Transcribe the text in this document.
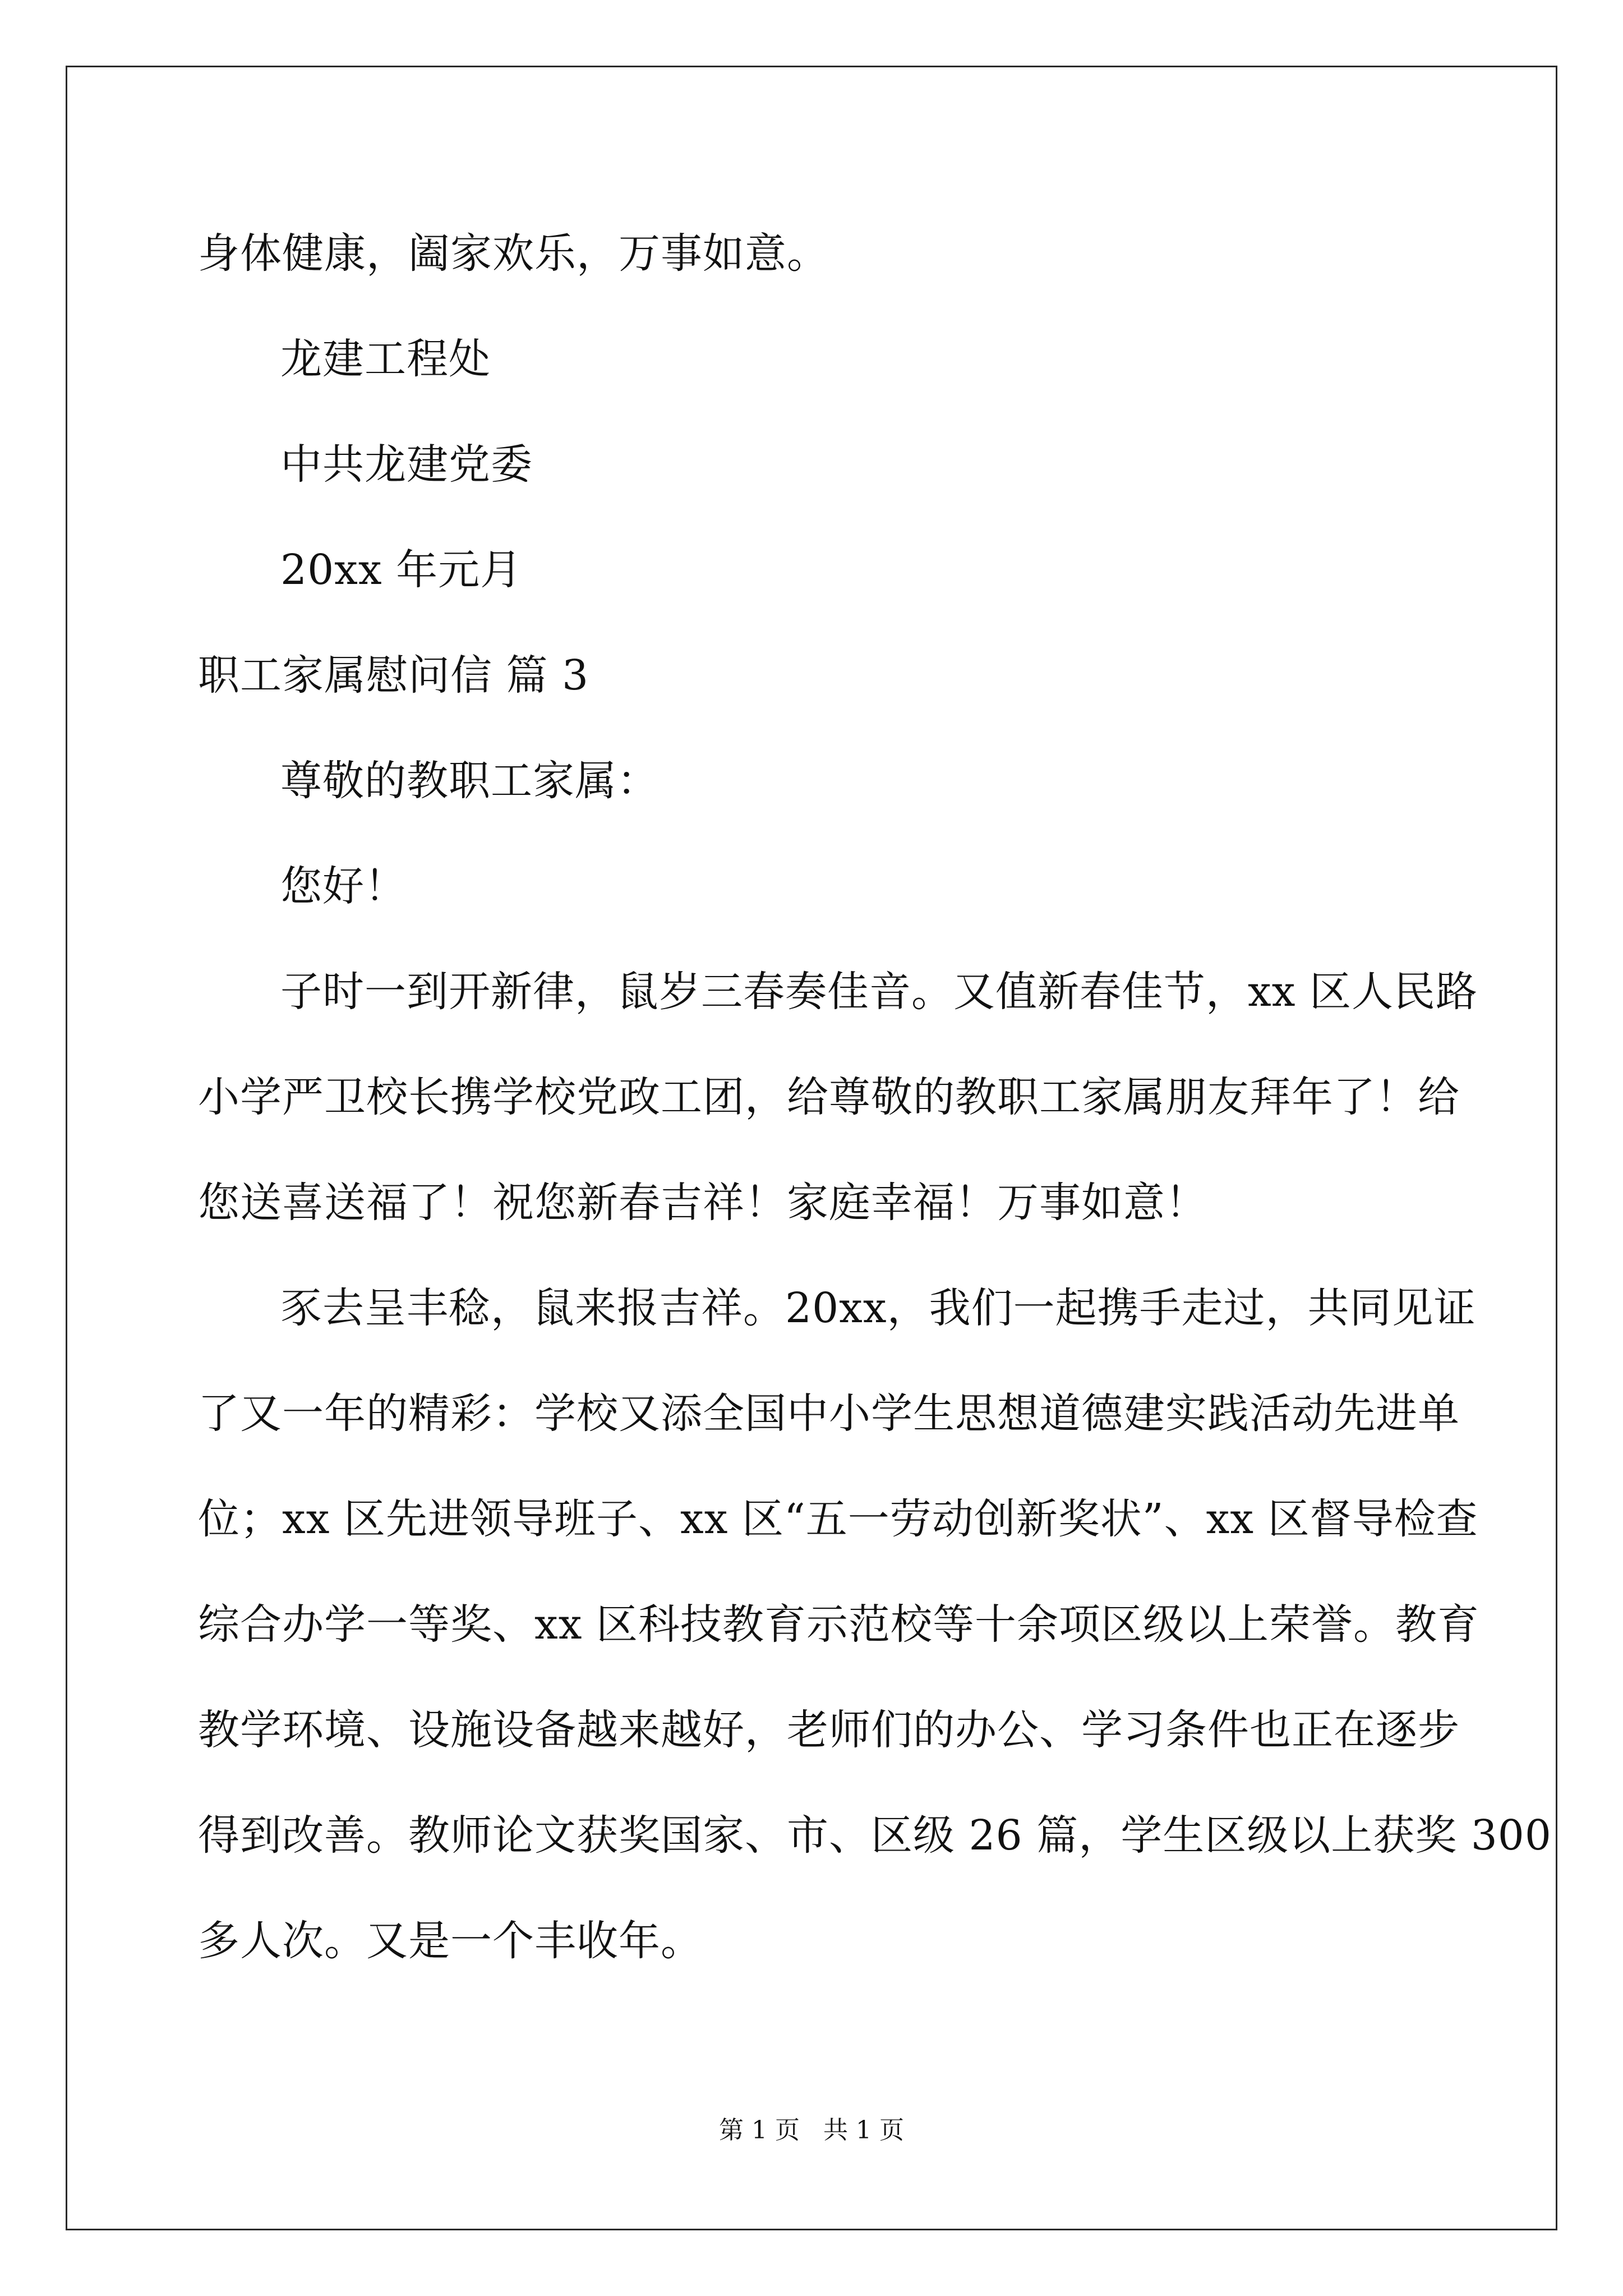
身体健康，阖家欢乐，万事如意。
龙建工程处
中共龙建党委
20xx 年元月
职工家属慰问信 篇 3
尊敬的教职工家属：
您好！
子时一到开新律，鼠岁三春奏佳音。又值新春佳节，xx 区人民路
小学严卫校长携学校党政工团，给尊敬的教职工家属朋友拜年了！给
您送喜送福了！祝您新春吉祥！家庭幸福！万事如意！
豕去呈丰稔，鼠来报吉祥。20xx，我们一起携手走过，共同见证
了又一年的精彩：学校又添全国中小学生思想道德建实践活动先进单
位；xx 区先进领导班子、xx 区“五一劳动创新奖状”、xx 区督导检查
综合办学一等奖、xx 区科技教育示范校等十余项区级以上荣誉。教育
教学环境、设施设备越来越好，老师们的办公、学习条件也正在逐步
得到改善。教师论文获奖国家、市、区级 26 篇，学生区级以上获奖 300
多人次。又是一个丰收年。
第 1 页   共 1 页
